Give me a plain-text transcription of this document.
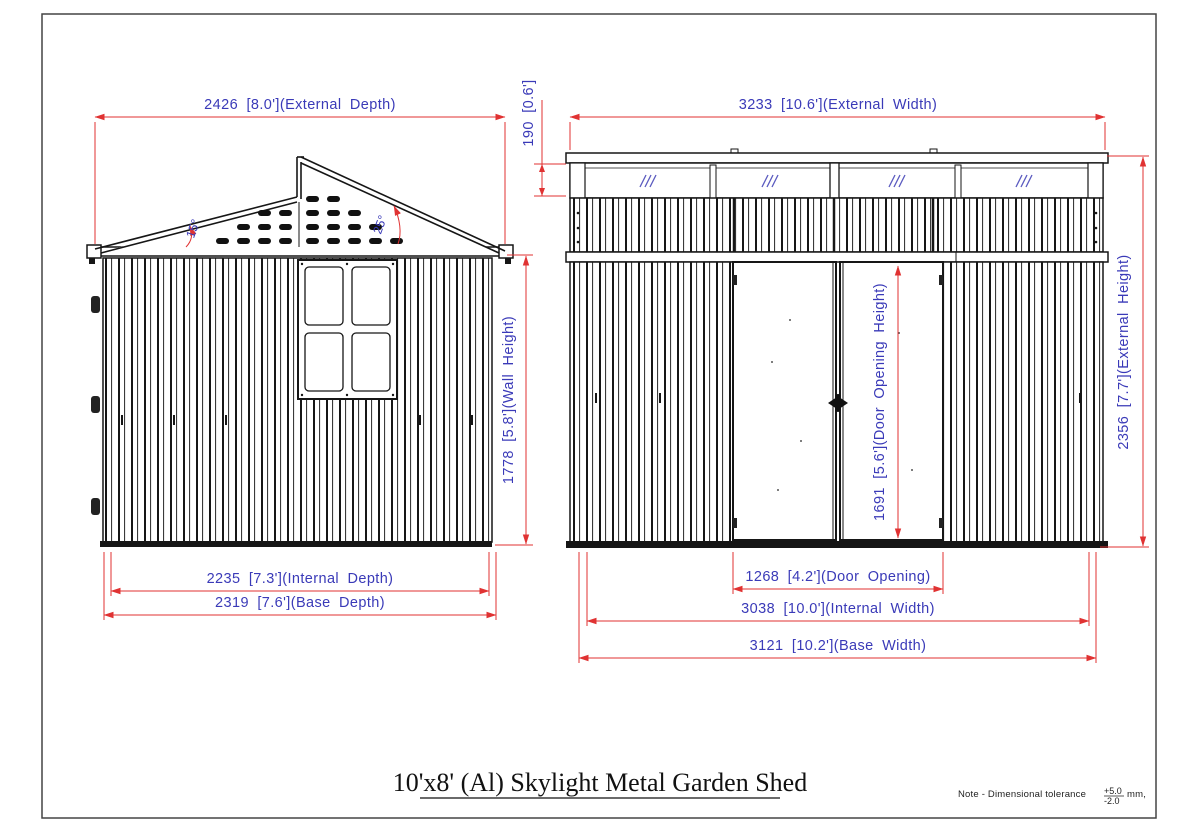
15°	25°
2426 [8.0'](External Depth)
1778 [5.8'](Wall Height)
2235 [7.3'](Internal Depth)
2319 [7.6'](Base Depth)
3233 [10.6'](External Width)
190 [0.6']
2356 [7.7'](External Height)
1691 [5.6'](Door Opening Height)
1268 [4.2'](Door Opening)
3038 [10.0'](Internal Width)
3121 [10.2'](Base Width)
10'x8' (Al) Skylight Metal Garden Shed	Note - Dimensional tolerance +5.0
-2.0
mm,
